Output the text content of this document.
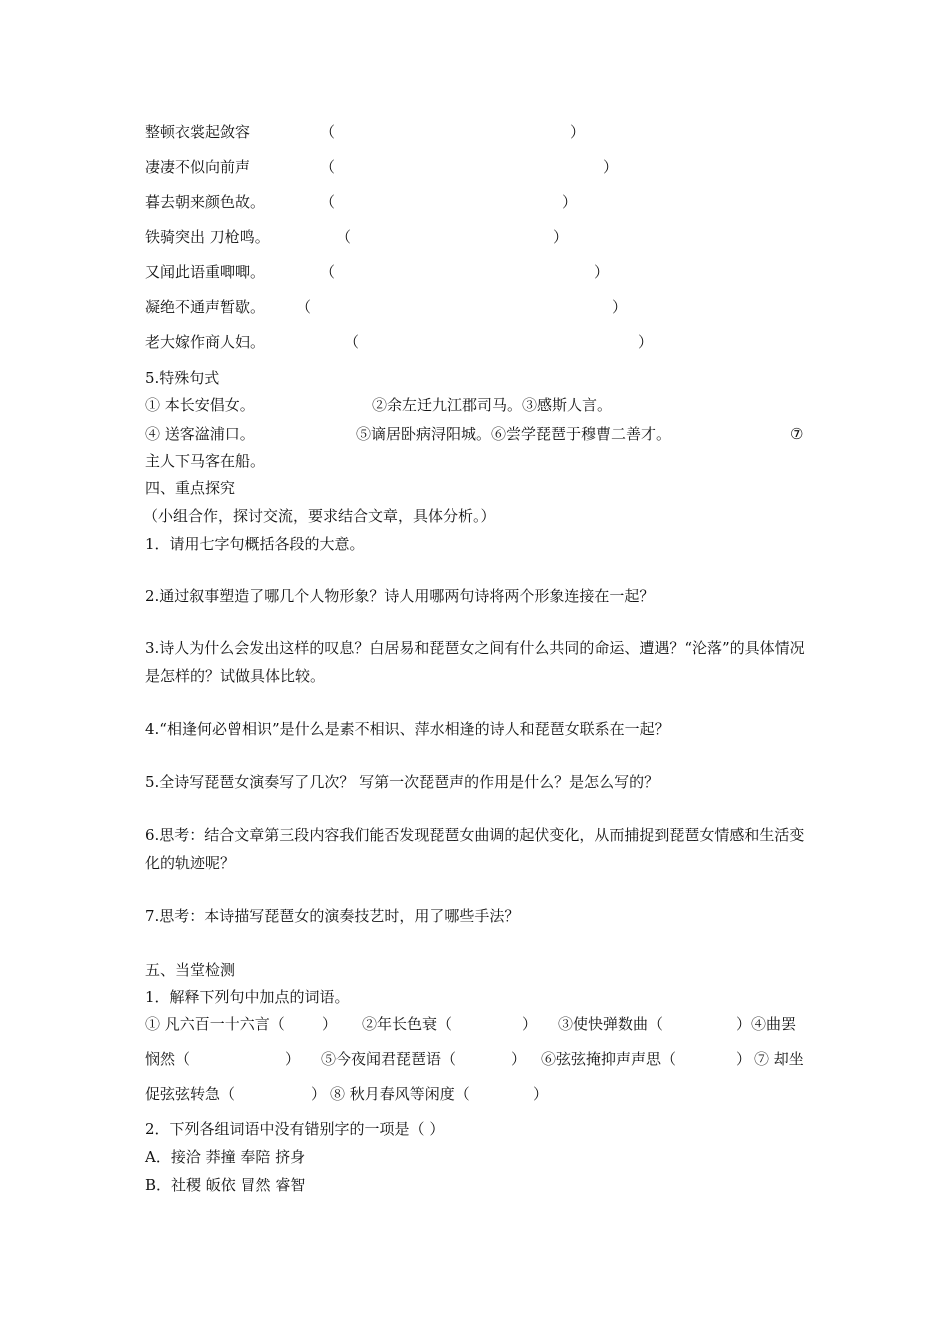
整顿衣裳起敛容	（	）
凄凄不似向前声	（	）
暮去朝来颜色故。	（	）
铁骑突出 刀枪鸣。	（	）
又闻此语重唧唧。	（	）
凝绝不通声暂歇。 （	）
老大嫁作商人妇。	（	）
5.特殊句式
① 本长安倡女。	②余左迁九江郡司马。③感斯人言。
④ 送客湓浦口。	⑤谪居卧病浔阳城。⑥尝学琵琶于穆曹二善才。	⑦
主人下马客在船。
四、重点探究
（小组合作，探讨交流，要求结合文章，具体分析。）
1．请用七字句概括各段的大意。
2.通过叙事塑造了哪几个人物形象？诗人用哪两句诗将两个形象连接在一起？
3.诗人为什么会发出这样的叹息？白居易和琵琶女之间有什么共同的命运、遭遇？“沦落”的具体情况是怎样的？试做具体比较。
4.“相逢何必曾相识”是什么是素不相识、萍水相逢的诗人和琵琶女联系在一起？
5.全诗写琵琶女演奏写了几次？ 写第一次琵琶声的作用是什么？是怎么写的？
6.思考：结合文章第三段内容我们能否发现琵琶女曲调的起伏变化，从而捕捉到琵琶女情感和生活变化的轨迹呢？
7.思考：本诗描写琵琶女的演奏技艺时，用了哪些手法？
五、当堂检测
1．解释下列句中加点的词语。
① 凡六百一十六言（ ） ②年长色衰（	） ③使快弹数曲（	）④曲罢
悯然（	） ⑤今夜闻君琵琶语（	） ⑥弦弦掩抑声声思（	） ⑦ 却坐
促弦弦转急（	） ⑧ 秋月春风等闲度（	）
2．下列各组词语中没有错别字的一项是（ ）
A．接洽 莽撞 奉陪 挤身
B．社稷 皈依 冒然 睿智
